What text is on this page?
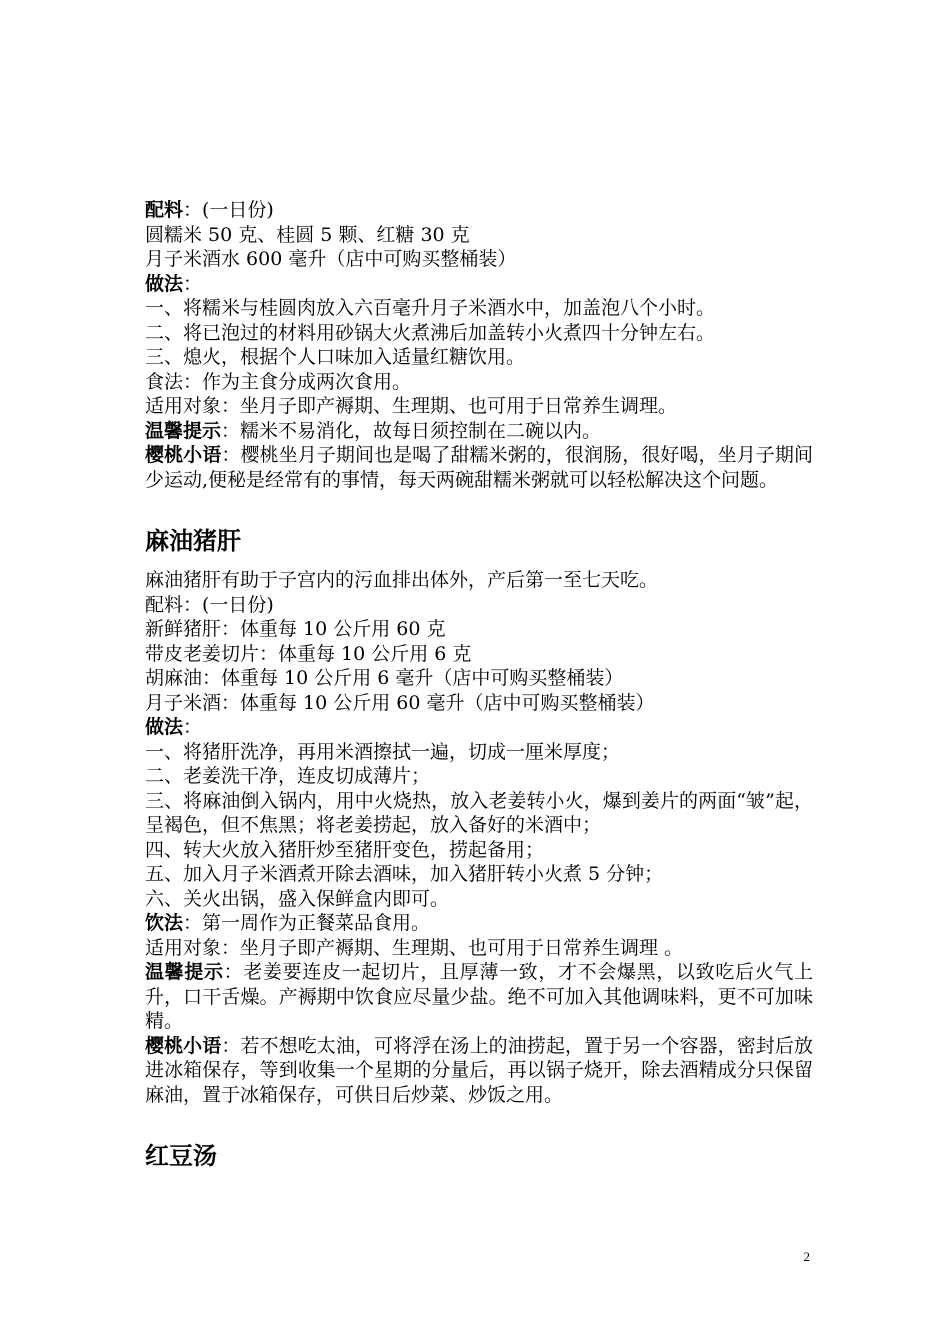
配料：(一日份)

圆糯米 50 克、桂圆 5 颗、红糖 30 克

月子米酒水 600 毫升（店中可购买整桶装）

做法：

一、将糯米与桂圆肉放入六百毫升月子米酒水中，加盖泡八个小时。

二、将已泡过的材料用砂锅大火煮沸后加盖转小火煮四十分钟左右。

三、熄火，根据个人口味加入适量红糖饮用。

食法：作为主食分成两次食用。

适用对象：坐月子即产褥期、生理期、也可用于日常养生调理。

温馨提示：糯米不易消化，故每日须控制在二碗以内。

樱桃小语：樱桃坐月子期间也是喝了甜糯米粥的，很润肠，很好喝，坐月子期间少运动,便秘是经常有的事情，每天两碗甜糯米粥就可以轻松解决这个问题。

麻油猪肝

麻油猪肝有助于子宫内的污血排出体外，产后第一至七天吃。

配料：(一日份)

新鲜猪肝：体重每 10 公斤用 60 克

带皮老姜切片：体重每 10 公斤用 6 克

胡麻油：体重每 10 公斤用 6 毫升（店中可购买整桶装）

月子米酒：体重每 10 公斤用 60 毫升（店中可购买整桶装）

做法：

一、将猪肝洗净，再用米酒擦拭一遍，切成一厘米厚度；

二、老姜洗干净，连皮切成薄片；

三、将麻油倒入锅内，用中火烧热，放入老姜转小火，爆到姜片的两面“皱”起，呈褐色，但不焦黑；将老姜捞起，放入备好的米酒中；

四、转大火放入猪肝炒至猪肝变色，捞起备用；

五、加入月子米酒煮开除去酒味，加入猪肝转小火煮 5 分钟；

六、关火出锅，盛入保鲜盒内即可。

饮法：第一周作为正餐菜品食用。

适用对象：坐月子即产褥期、生理期、也可用于日常养生调理 。

温馨提示：老姜要连皮一起切片，且厚薄一致，才不会爆黑，以致吃后火气上升，口干舌燥。产褥期中饮食应尽量少盐。绝不可加入其他调味料，更不可加味精。

樱桃小语：若不想吃太油，可将浮在汤上的油捞起，置于另一个容器，密封后放进冰箱保存，等到收集一个星期的分量后，再以锅子烧开，除去酒精成分只保留麻油，置于冰箱保存，可供日后炒菜、炒饭之用。

红豆汤
2
